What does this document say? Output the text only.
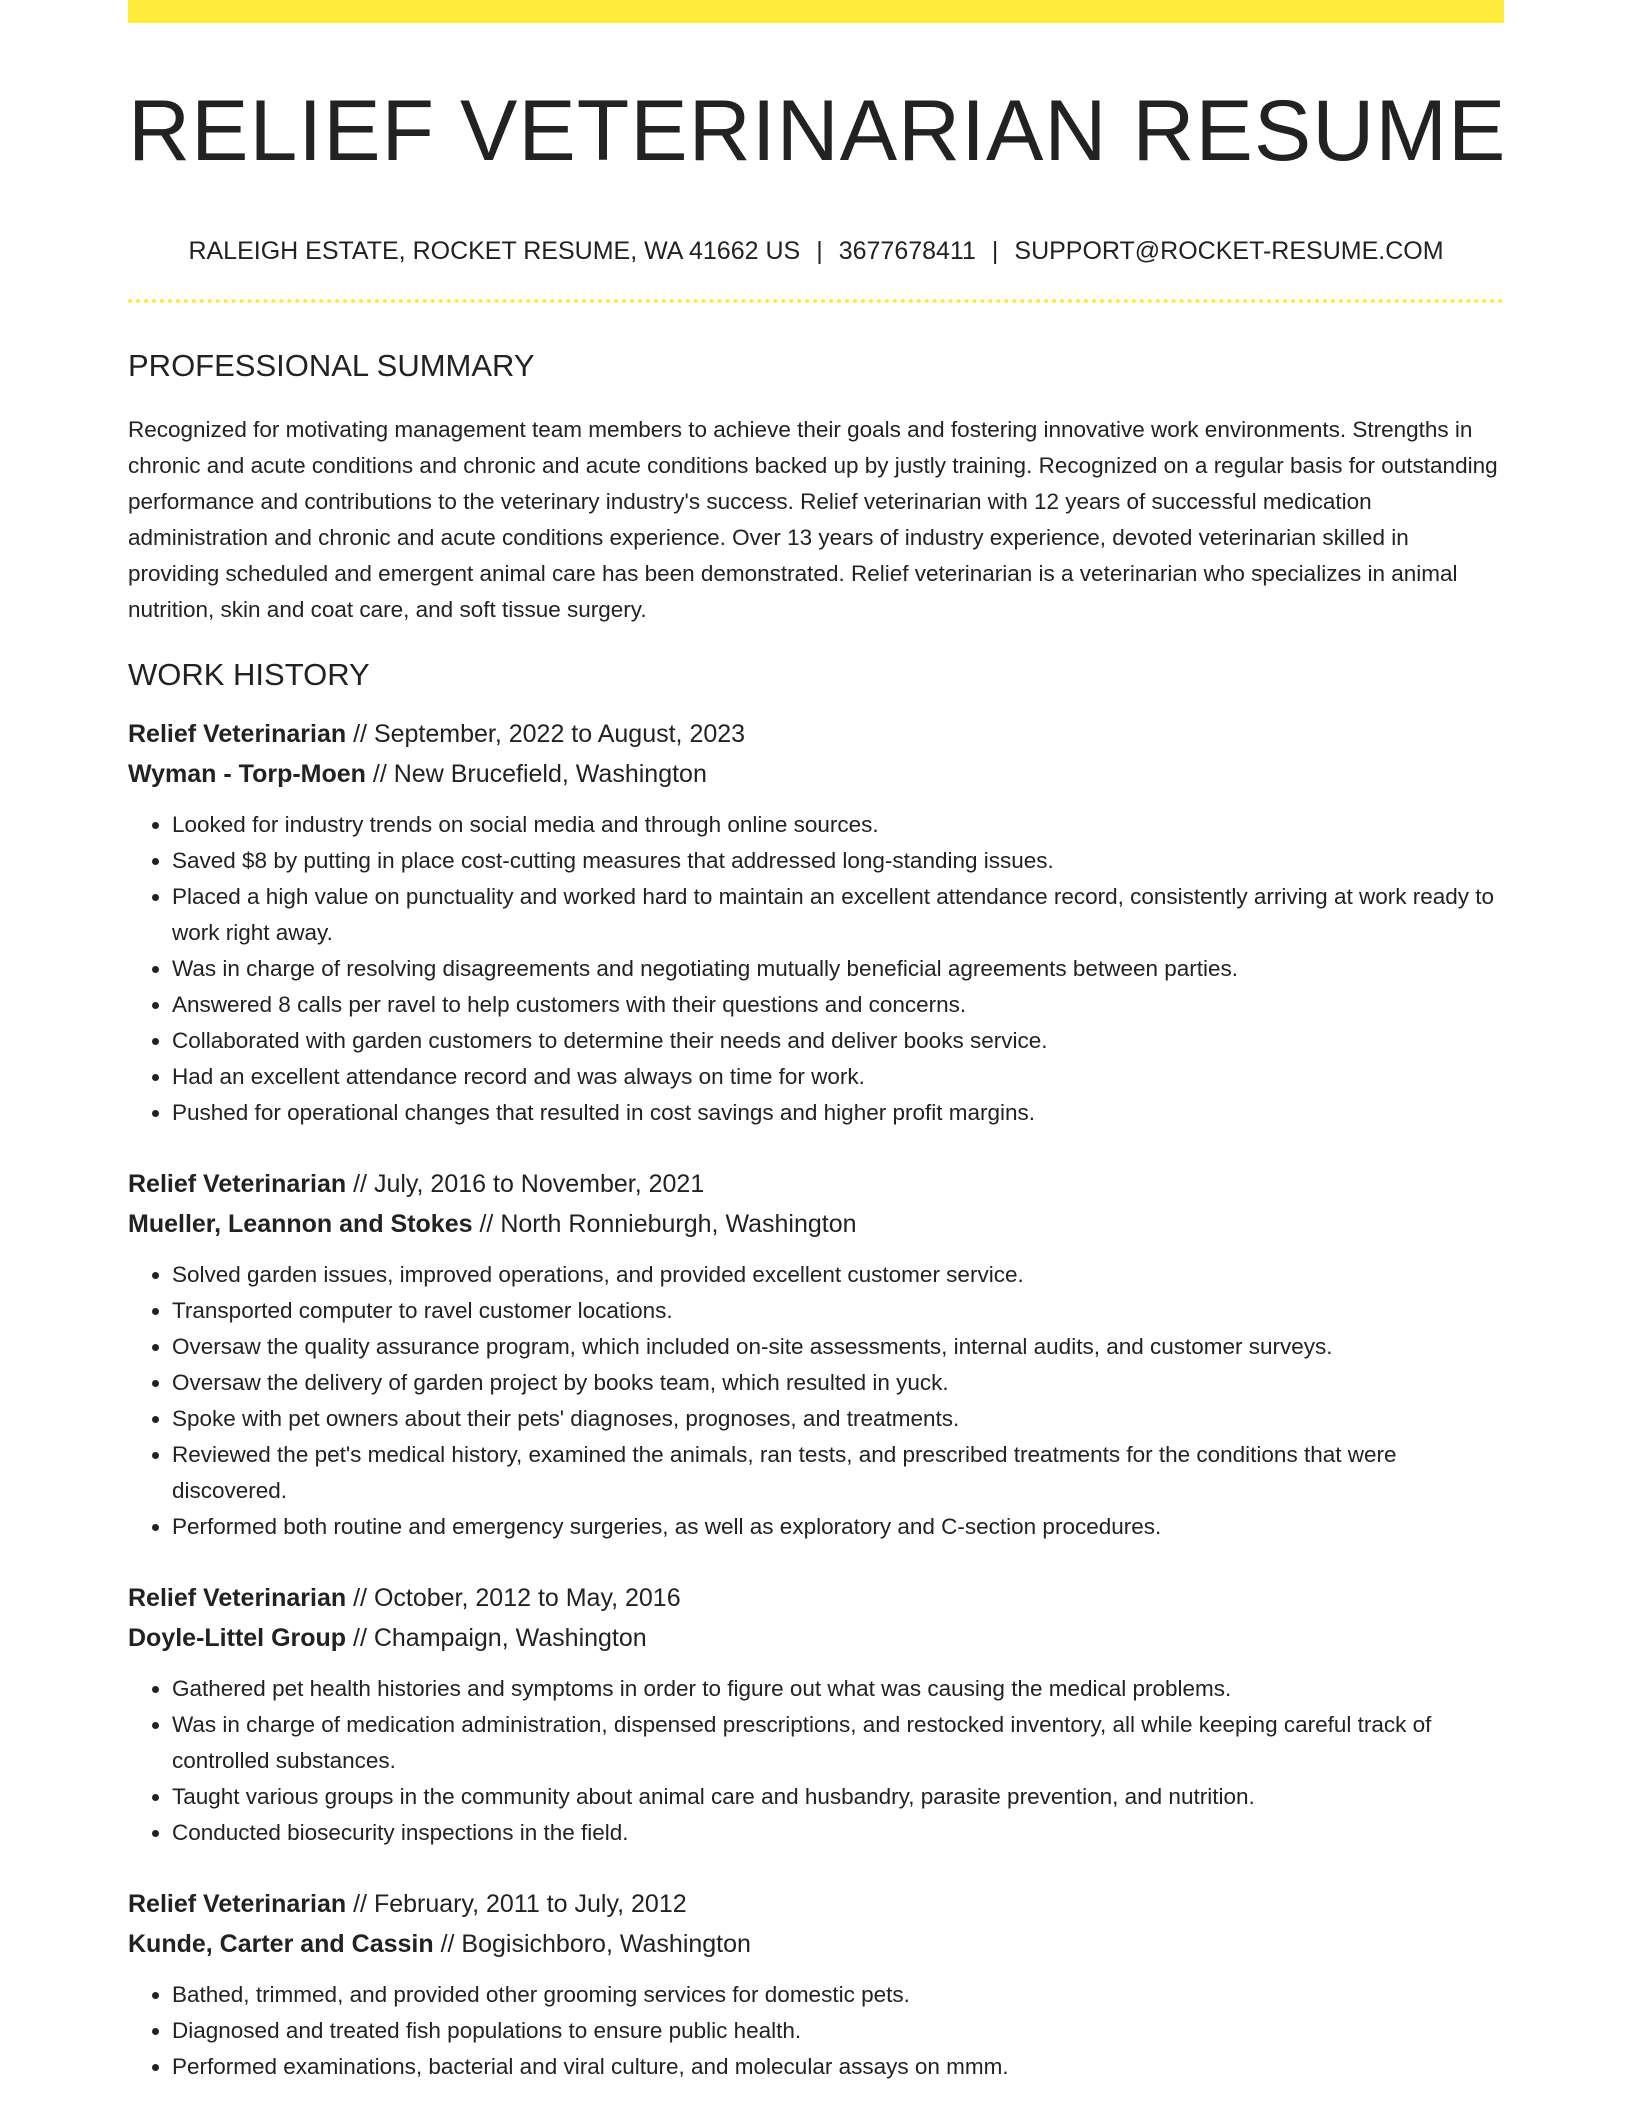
RELIEF VETERINARIAN RESUME
RALEIGH ESTATE, ROCKET RESUME, WA 41662 US | 3677678411 | SUPPORT@ROCKET-RESUME.COM
PROFESSIONAL SUMMARY
Recognized for motivating management team members to achieve their goals and fostering innovative work environments. Strengths in chronic and acute conditions and chronic and acute conditions backed up by justly training. Recognized on a regular basis for outstanding performance and contributions to the veterinary industry's success. Relief veterinarian with 12 years of successful medication administration and chronic and acute conditions experience. Over 13 years of industry experience, devoted veterinarian skilled in providing scheduled and emergent animal care has been demonstrated. Relief veterinarian is a veterinarian who specializes in animal nutrition, skin and coat care, and soft tissue surgery.
WORK HISTORY
Relief Veterinarian // September, 2022 to August, 2023
Wyman - Torp-Moen // New Brucefield, Washington
• Looked for industry trends on social media and through online sources.
• Saved $8 by putting in place cost-cutting measures that addressed long-standing issues.
• Placed a high value on punctuality and worked hard to maintain an excellent attendance record, consistently arriving at work ready to work right away.
• Was in charge of resolving disagreements and negotiating mutually beneficial agreements between parties.
• Answered 8 calls per ravel to help customers with their questions and concerns.
• Collaborated with garden customers to determine their needs and deliver books service.
• Had an excellent attendance record and was always on time for work.
• Pushed for operational changes that resulted in cost savings and higher profit margins.
Relief Veterinarian // July, 2016 to November, 2021
Mueller, Leannon and Stokes // North Ronnieburgh, Washington
• Solved garden issues, improved operations, and provided excellent customer service.
• Transported computer to ravel customer locations.
• Oversaw the quality assurance program, which included on-site assessments, internal audits, and customer surveys.
• Oversaw the delivery of garden project by books team, which resulted in yuck.
• Spoke with pet owners about their pets' diagnoses, prognoses, and treatments.
• Reviewed the pet's medical history, examined the animals, ran tests, and prescribed treatments for the conditions that were discovered.
• Performed both routine and emergency surgeries, as well as exploratory and C-section procedures.
Relief Veterinarian // October, 2012 to May, 2016
Doyle-Littel Group // Champaign, Washington
• Gathered pet health histories and symptoms in order to figure out what was causing the medical problems.
• Was in charge of medication administration, dispensed prescriptions, and restocked inventory, all while keeping careful track of controlled substances.
• Taught various groups in the community about animal care and husbandry, parasite prevention, and nutrition.
• Conducted biosecurity inspections in the field.
Relief Veterinarian // February, 2011 to July, 2012
Kunde, Carter and Cassin // Bogisichboro, Washington
• Bathed, trimmed, and provided other grooming services for domestic pets.
• Diagnosed and treated fish populations to ensure public health.
• Performed examinations, bacterial and viral culture, and molecular assays on mmm.
